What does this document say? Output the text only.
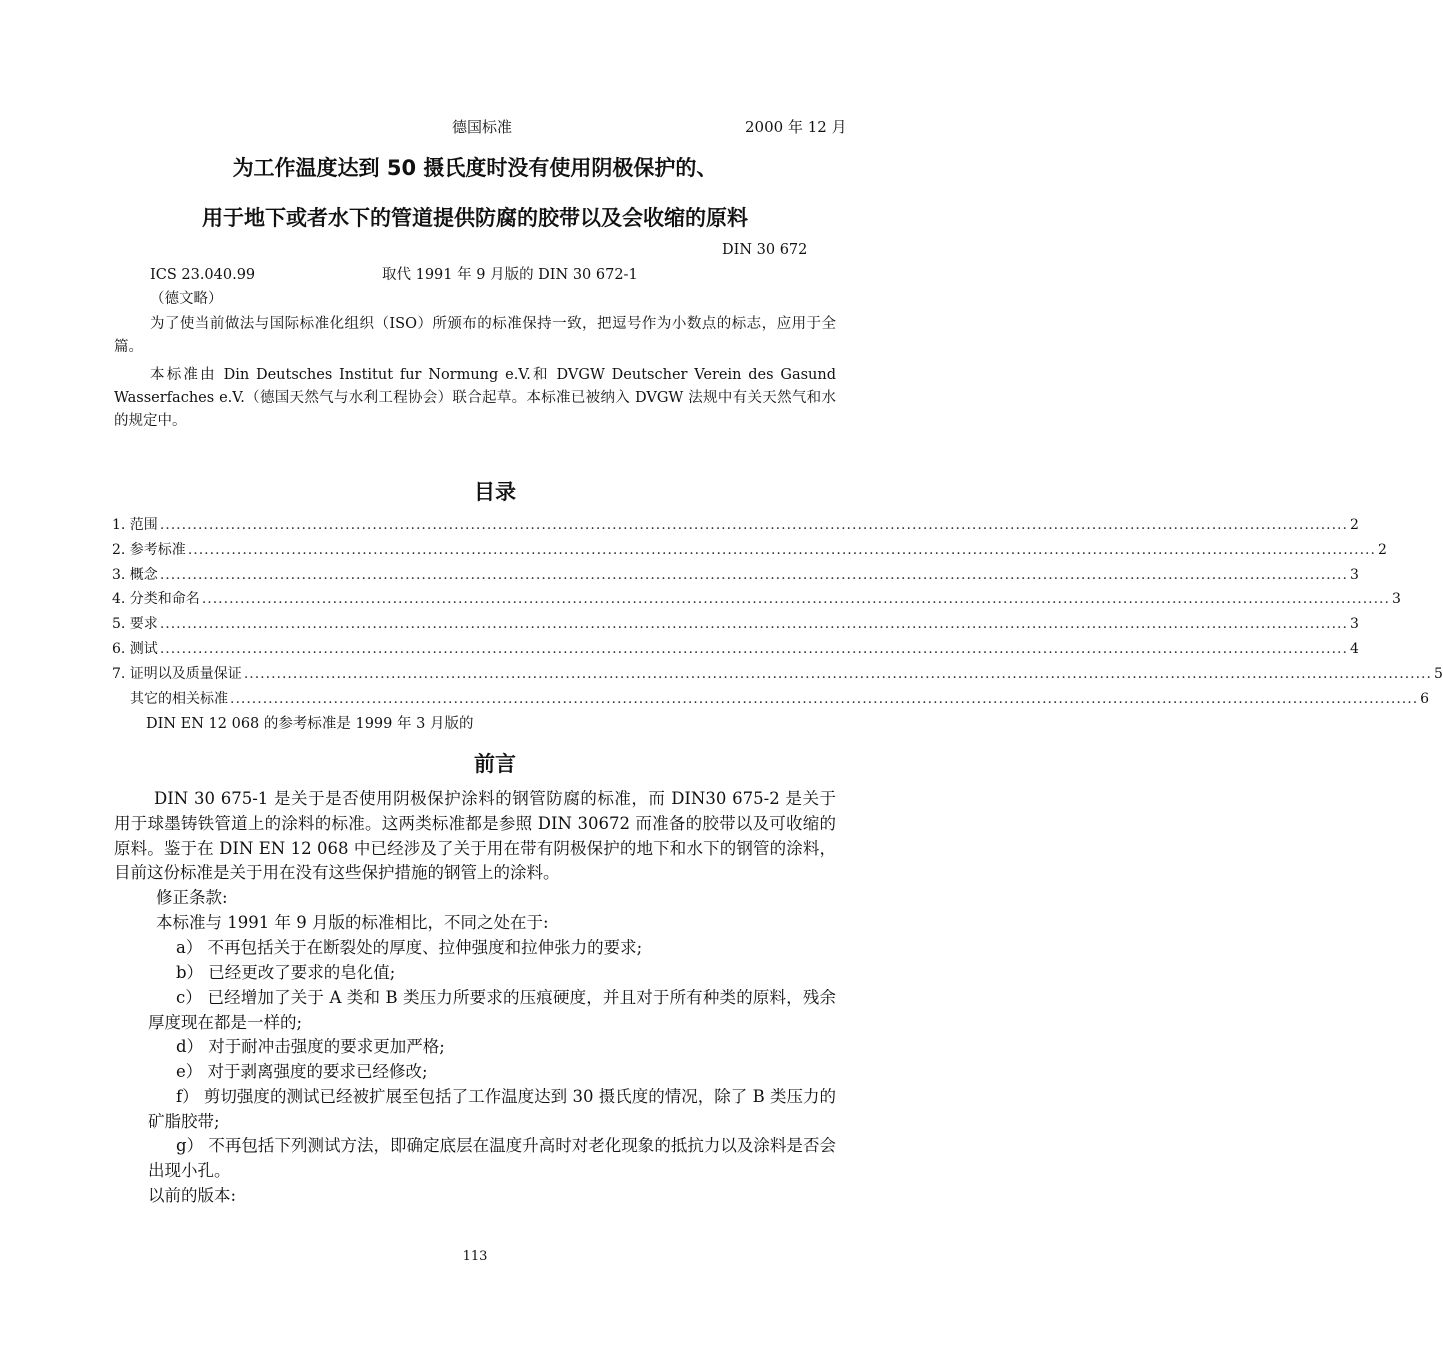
德国标准	2000 年 12 月
为工作温度达到 50 摄氏度时没有使用阴极保护的、
用于地下或者水下的管道提供防腐的胶带以及会收缩的原料
DIN 30 672
ICS 23.040.99	取代 1991 年 9 月版的 DIN 30 672-1
（德文略）
为了使当前做法与国际标准化组织（ISO）所颁布的标准保持一致，把逗号作为小数点的标志，应用于全篇。
本标准由 Din Deutsches Institut fur Normung e.V.和 DVGW Deutscher Verein des Gasund Wasserfaches e.V.（德国天然气与水利工程协会）联合起草。本标准已被纳入 DVGW 法规中有关天然气和水的规定中。
目录
1. 范围 .......................................................................................................................................................................................................................... 2
2. 参考标准 .......................................................................................................................................................................................................................... 2
3. 概念 .......................................................................................................................................................................................................................... 3
4. 分类和命名 .......................................................................................................................................................................................................................... 3
5. 要求 .......................................................................................................................................................................................................................... 3
6. 测试 .......................................................................................................................................................................................................................... 4
7. 证明以及质量保证 .......................................................................................................................................................................................................................... 5
其它的相关标准 .......................................................................................................................................................................................................................... 6
DIN EN 12 068 的参考标准是 1999 年 3 月版的
前言
DIN 30 675-1 是关于是否使用阴极保护涂料的钢管防腐的标准，而 DIN30 675-2 是关于用于球墨铸铁管道上的涂料的标准。这两类标准都是参照 DIN 30672 而准备的胶带以及可收缩的原料。鉴于在 DIN EN 12 068 中已经涉及了关于用在带有阴极保护的地下和水下的钢管的涂料，目前这份标准是关于用在没有这些保护措施的钢管上的涂料。
修正条款:
本标准与 1991 年 9 月版的标准相比，不同之处在于:
a） 不再包括关于在断裂处的厚度、拉伸强度和拉伸张力的要求;
b） 已经更改了要求的皂化值;
c） 已经增加了关于 A 类和 B 类压力所要求的压痕硬度，并且对于所有种类的原料，残余厚度现在都是一样的;
d） 对于耐冲击强度的要求更加严格;
e） 对于剥离强度的要求已经修改;
f） 剪切强度的测试已经被扩展至包括了工作温度达到 30 摄氏度的情况，除了 B 类压力的矿脂胶带;
g） 不再包括下列测试方法，即确定底层在温度升高时对老化现象的抵抗力以及涂料是否会出现小孔。
以前的版本:
113
